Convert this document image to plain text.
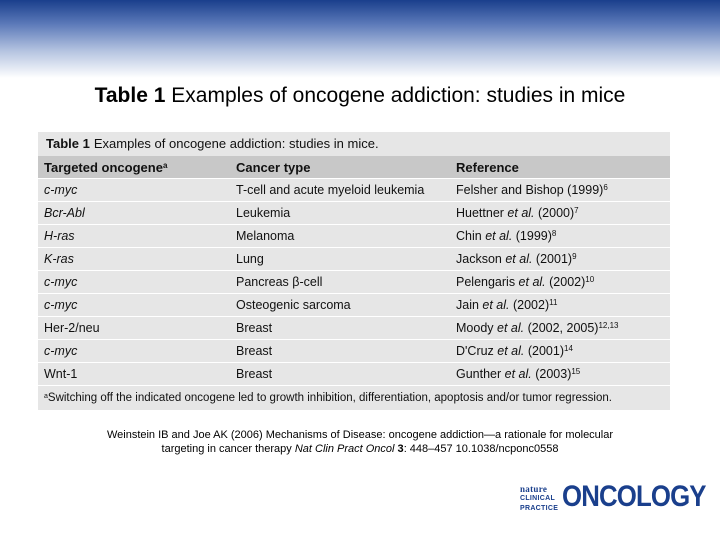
Table 1 Examples of oncogene addiction: studies in mice
Table 1 Examples of oncogene addiction: studies in mice.
Targeted oncogene$^a$	Cancer type	Reference
c-myc	T-cell and acute myeloid leukemia	Felsher and Bishop $(1999)^6$
Bcr-Abl	Leukemia	Huettner et al. $(2000)^7$
H-ras	Melanoma	Chin et al. $(1999)^8$
K-ras	Lung	Jackson et al. $(2001)^9$
c-myc	Pancreas β-cell	Pelengaris et al. $(2002)^{10}$
c-myc	Osteogenic sarcoma	Jain et al. $(2002)^{11}$
Her-2/neu	Breast	Moody et al. (2002, 2005)$^{12,13}$
c-myc	Breast	D'Cruz et al. $(2001)^{14}$
Wnt-1	Breast	Gunther et al. $(2003)^{15}$
$^a$Switching off the indicated oncogene led to growth inhibition, differentiation, apoptosis and/or tumor regression.
Weinstein IB and Joe AK (2006) Mechanisms of Disease: oncogene addiction—a rationale for molecular
targeting in cancer therapy Nat Clin Pract Oncol 3: 448–457 10.1038/ncponc0558
nature
CLINICAL
PRACTICE ONCOLOGY
